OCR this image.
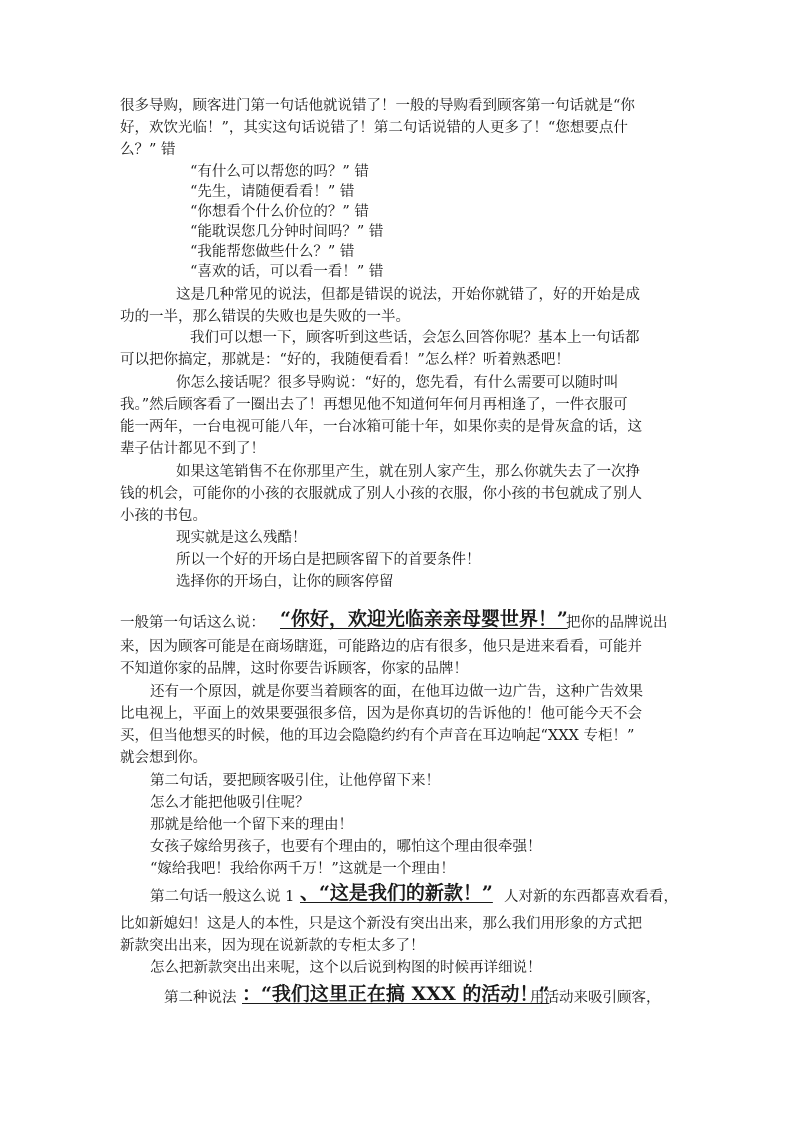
很多导购，顾客进门第一句话他就说错了！一般的导购看到顾客第一句话就是“你
好，欢饮光临！”，其实这句话说错了！第二句话说错的人更多了！“您想要点什
么？” 错
“有什么可以帮您的吗？” 错
“先生，请随便看看！” 错
“你想看个什么价位的？” 错
“能耽误您几分钟时间吗？” 错
“我能帮您做些什么？” 错
“喜欢的话，可以看一看！” 错
这是几种常见的说法，但都是错误的说法，开始你就错了，好的开始是成
功的一半，那么错误的失败也是失败的一半。
我们可以想一下，顾客听到这些话，会怎么回答你呢？基本上一句话都
可以把你搞定，那就是：“好的，我随便看看！”怎么样？听着熟悉吧！
你怎么接话呢？很多导购说：“好的，您先看，有什么需要可以随时叫
我。”然后顾客看了一圈出去了！再想见他不知道何年何月再相逢了，一件衣服可
能一两年，一台电视可能八年，一台冰箱可能十年，如果你卖的是骨灰盒的话，这
辈子估计都见不到了！
如果这笔销售不在你那里产生，就在别人家产生，那么你就失去了一次挣
钱的机会，可能你的小孩的衣服就成了别人小孩的衣服，你小孩的书包就成了别人
小孩的书包。
现实就是这么残酷！
所以一个好的开场白是把顾客留下的首要条件！
选择你的开场白，让你的顾客停留
一般第一句话这么说： “你好，欢迎光临亲亲母婴世界！”
把你的品牌说出
来，因为顾客可能是在商场瞎逛，可能路边的店有很多，他只是进来看看，可能并
不知道你家的品牌，这时你要告诉顾客，你家的品牌！
还有一个原因，就是你要当着顾客的面，在他耳边做一边广告，这种广告效果
比电视上，平面上的效果要强很多倍，因为是你真切的告诉他的！他可能今天不会
买，但当他想买的时候，他的耳边会隐隐约约有个声音在耳边响起“XXX 专柜！”
就会想到你。
第二句话，要把顾客吸引住，让他停留下来！
怎么才能把他吸引住呢？
那就是给他一个留下来的理由！
女孩子嫁给男孩子，也要有个理由的，哪怕这个理由很牵强！
“嫁给我吧！我给你两千万！”这就是一个理由！
第二句话一般这么说 1 、“这是我们的新款！” 人对新的东西都喜欢看看，
比如新媳妇！这是人的本性，只是这个新没有突出出来，那么我们用形象的方式把
新款突出出来，因为现在说新款的专柜太多了！
怎么把新款突出出来呢，这个以后说到构图的时候再详细说！
第二种说法 ：“我们这里正在搞 XXX 的活动！”
用活动来吸引顾客，
